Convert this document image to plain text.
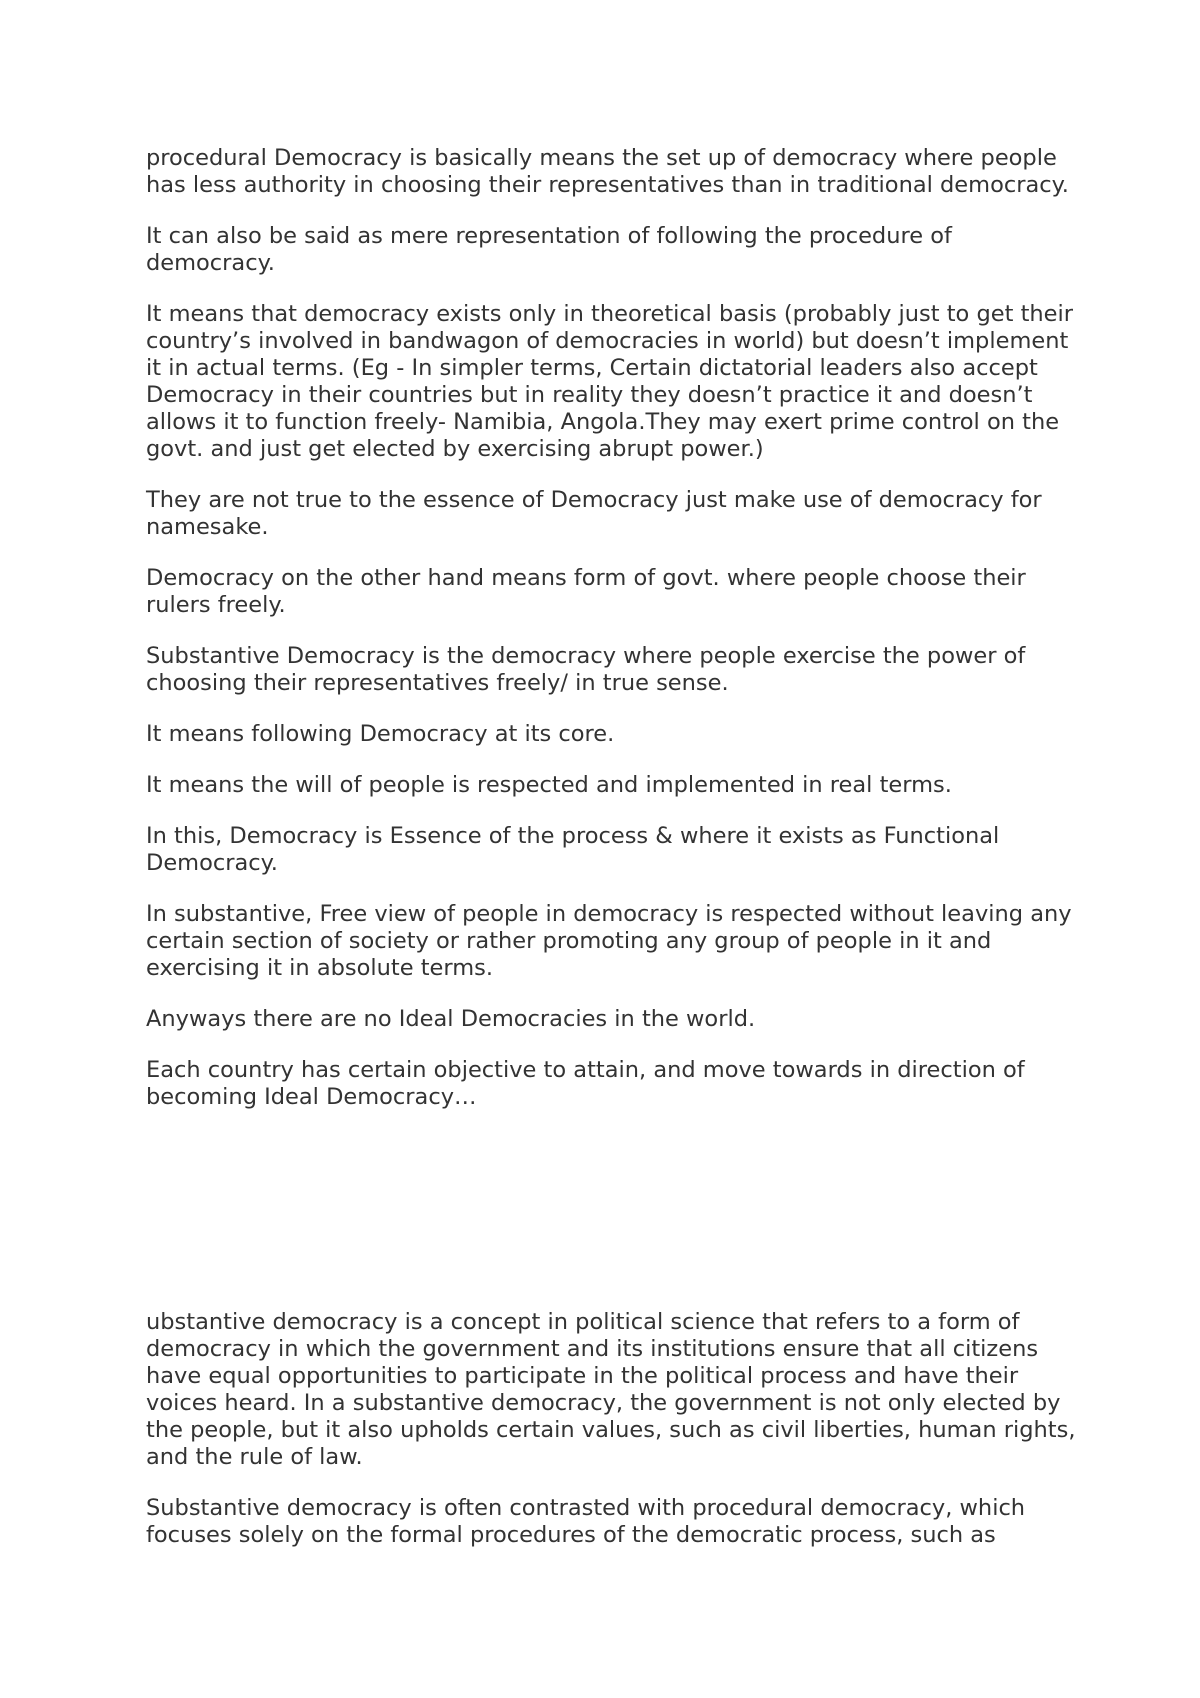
procedural Democracy is basically means the set up of democracy where people has less authority in choosing their representatives than in traditional democracy.

It can also be said as mere representation of following the procedure of democracy.

It means that democracy exists only in theoretical basis (probably just to get their country’s involved in bandwagon of democracies in world) but doesn’t implement it in actual terms. (Eg - In simpler terms, Certain dictatorial leaders also accept Democracy in their countries but in reality they doesn’t practice it and doesn’t allows it to function freely- Namibia, Angola.They may exert prime control on the govt. and just get elected by exercising abrupt power.)

They are not true to the essence of Democracy just make use of democracy for namesake.

Democracy on the other hand means form of govt. where people choose their rulers freely.

Substantive Democracy is the democracy where people exercise the power of choosing their representatives freely/ in true sense.

It means following Democracy at its core.

It means the will of people is respected and implemented in real terms.

In this, Democracy is Essence of the process & where it exists as Functional Democracy.

In substantive, Free view of people in democracy is respected without leaving any certain section of society or rather promoting any group of people in it and exercising it in absolute terms.

Anyways there are no Ideal Democracies in the world.

Each country has certain objective to attain, and move towards in direction of becoming Ideal Democracy…

ubstantive democracy is a concept in political science that refers to a form of democracy in which the government and its institutions ensure that all citizens have equal opportunities to participate in the political process and have their voices heard. In a substantive democracy, the government is not only elected by the people, but it also upholds certain values, such as civil liberties, human rights, and the rule of law.

Substantive democracy is often contrasted with procedural democracy, which focuses solely on the formal procedures of the democratic process, such as
